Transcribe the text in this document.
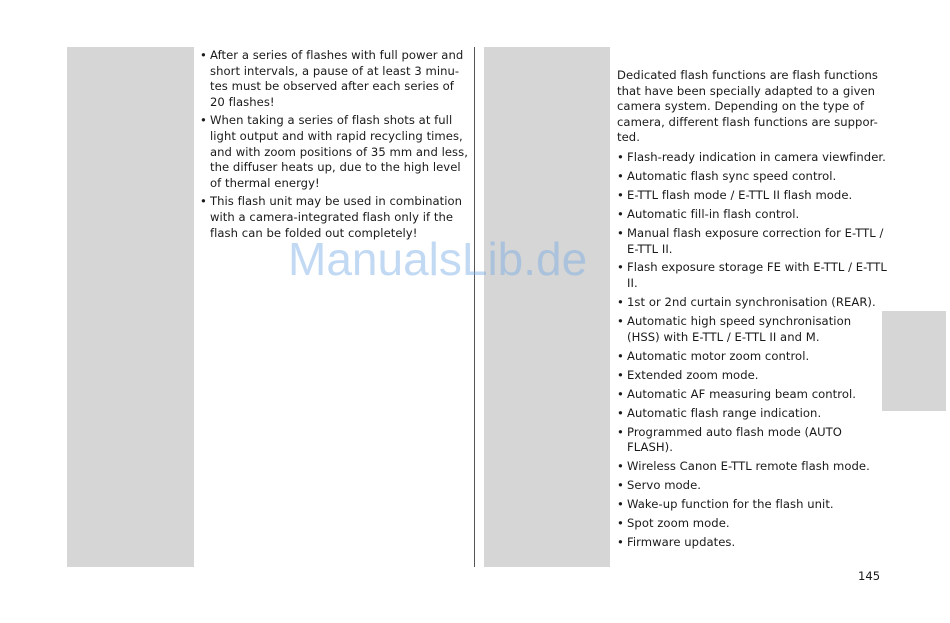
• After a series of flashes with full power and short intervals, a pause of at least 3 minu-tes must be observed after each series of 20 flashes!
• When taking a series of flash shots at full light output and with rapid recycling times, and with zoom positions of 35 mm and less, the diffuser heats up, due to the high level of thermal energy!
• This flash unit may be used in combination with a camera-integrated flash only if the flash can be folded out completely!

Dedicated flash functions are flash functions that have been specially adapted to a given camera system. Depending on the type of camera, different flash functions are suppor-ted.

• Flash-ready indication in camera viewfinder.
• Automatic flash sync speed control.
• E-TTL flash mode / E-TTL II flash mode.
• Automatic fill-in flash control.
• Manual flash exposure correction for E-TTL / E-TTL II.
• Flash exposure storage FE with E-TTL / E-TTL II.
• 1st or 2nd curtain synchronisation (REAR).
• Automatic high speed synchronisation (HSS) with E-TTL / E-TTL II and M.
• Automatic motor zoom control.
• Extended zoom mode.
• Automatic AF measuring beam control.
• Automatic flash range indication.
• Programmed auto flash mode (AUTO FLASH).
• Wireless Canon E-TTL remote flash mode.
• Servo mode.
• Wake-up function for the flash unit.
• Spot zoom mode.
• Firmware updates.
145
ManualsLib.de
